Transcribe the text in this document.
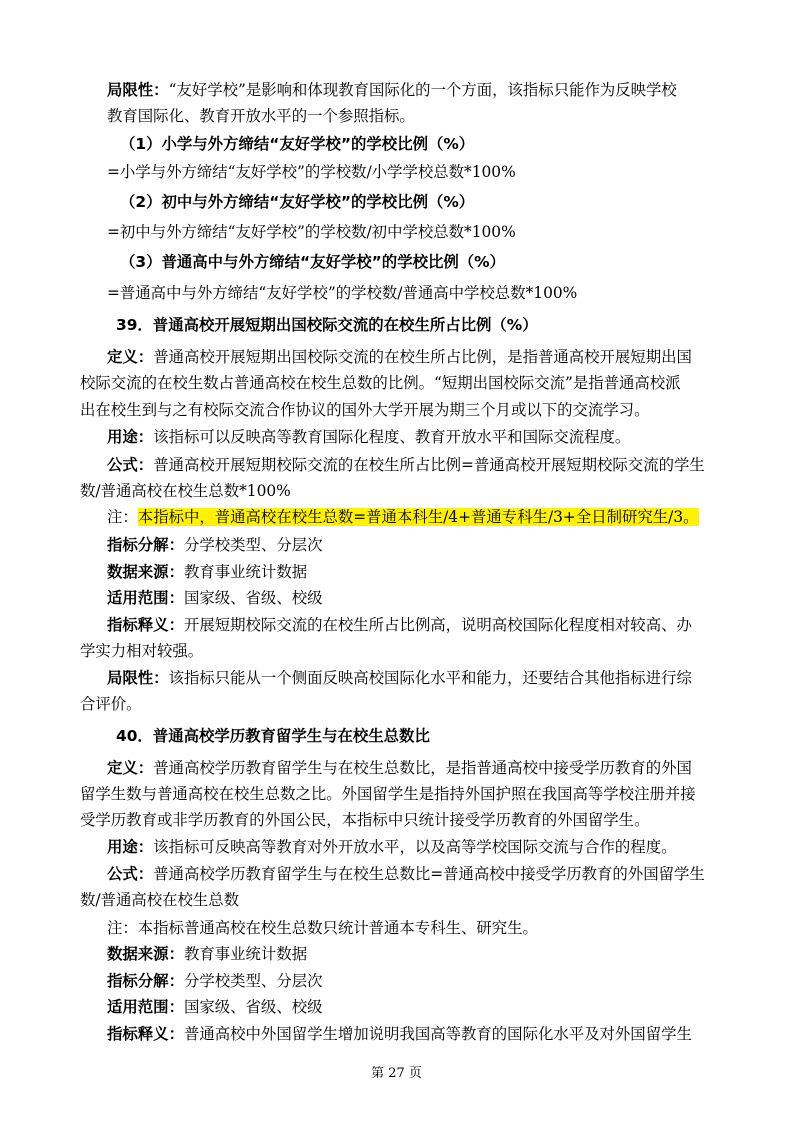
局限性：“友好学校”是影响和体现教育国际化的一个方面，该指标只能作为反映学校
教育国际化、教育开放水平的一个参照指标。
（1）小学与外方缔结“友好学校”的学校比例（%）
=小学与外方缔结“友好学校”的学校数/小学学校总数*100%
（2）初中与外方缔结“友好学校”的学校比例（%）
=初中与外方缔结“友好学校”的学校数/初中学校总数*100%
（3）普通高中与外方缔结“友好学校”的学校比例（%）
=普通高中与外方缔结“友好学校”的学校数/普通高中学校总数*100%
39．普通高校开展短期出国校际交流的在校生所占比例（%）
定义：普通高校开展短期出国校际交流的在校生所占比例，是指普通高校开展短期出国
校际交流的在校生数占普通高校在校生总数的比例。“短期出国校际交流”是指普通高校派
出在校生到与之有校际交流合作协议的国外大学开展为期三个月或以下的交流学习。
用途：该指标可以反映高等教育国际化程度、教育开放水平和国际交流程度。
公式：普通高校开展短期校际交流的在校生所占比例=普通高校开展短期校际交流的学生
数/普通高校在校生总数*100%
注：本指标中，普通高校在校生总数=普通本科生/4+普通专科生/3+全日制研究生/3。
指标分解：分学校类型、分层次
数据来源：教育事业统计数据
适用范围：国家级、省级、校级
指标释义：开展短期校际交流的在校生所占比例高，说明高校国际化程度相对较高、办
学实力相对较强。
局限性：该指标只能从一个侧面反映高校国际化水平和能力，还要结合其他指标进行综
合评价。
40．普通高校学历教育留学生与在校生总数比
定义：普通高校学历教育留学生与在校生总数比，是指普通高校中接受学历教育的外国
留学生数与普通高校在校生总数之比。外国留学生是指持外国护照在我国高等学校注册并接
受学历教育或非学历教育的外国公民，本指标中只统计接受学历教育的外国留学生。
用途：该指标可反映高等教育对外开放水平，以及高等学校国际交流与合作的程度。
公式：普通高校学历教育留学生与在校生总数比=普通高校中接受学历教育的外国留学生
数/普通高校在校生总数
注：本指标普通高校在校生总数只统计普通本专科生、研究生。
数据来源：教育事业统计数据
指标分解：分学校类型、分层次
适用范围：国家级、省级、校级
指标释义：普通高校中外国留学生增加说明我国高等教育的国际化水平及对外国留学生
第 27 页
